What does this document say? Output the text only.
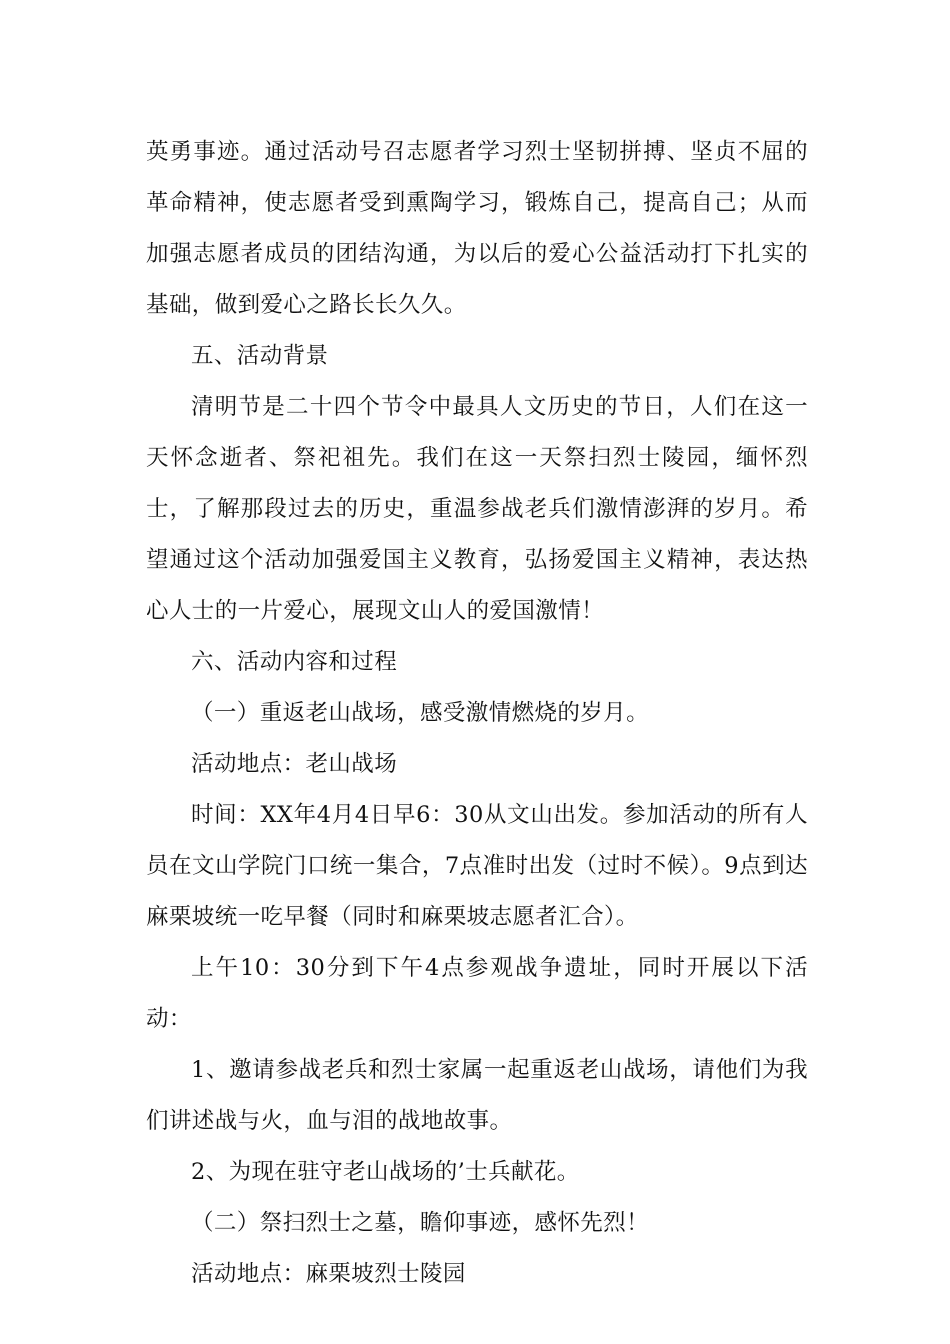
英勇事迹。通过活动号召志愿者学习烈士坚韧拼搏、坚贞不屈的革命精神，使志愿者受到熏陶学习，锻炼自己，提高自己；从而加强志愿者成员的团结沟通，为以后的爱心公益活动打下扎实的基础，做到爱心之路长长久久。

五、活动背景

清明节是二十四个节令中最具人文历史的节日，人们在这一天怀念逝者、祭祀祖先。我们在这一天祭扫烈士陵园，缅怀烈士，了解那段过去的历史，重温参战老兵们激情澎湃的岁月。希望通过这个活动加强爱国主义教育，弘扬爱国主义精神，表达热心人士的一片爱心，展现文山人的爱国激情！

六、活动内容和过程

（一）重返老山战场，感受激情燃烧的岁月。

活动地点：老山战场

时间：XX年4月4日早6：30从文山出发。参加活动的所有人员在文山学院门口统一集合，7点准时出发（过时不候）。9点到达麻栗坡统一吃早餐（同时和麻栗坡志愿者汇合）。

上午10：30分到下午4点参观战争遗址，同时开展以下活动：

1、邀请参战老兵和烈士家属一起重返老山战场，请他们为我们讲述战与火，血与泪的战地故事。

2、为现在驻守老山战场的’士兵献花。

（二）祭扫烈士之墓，瞻仰事迹，感怀先烈！

活动地点：麻栗坡烈士陵园
